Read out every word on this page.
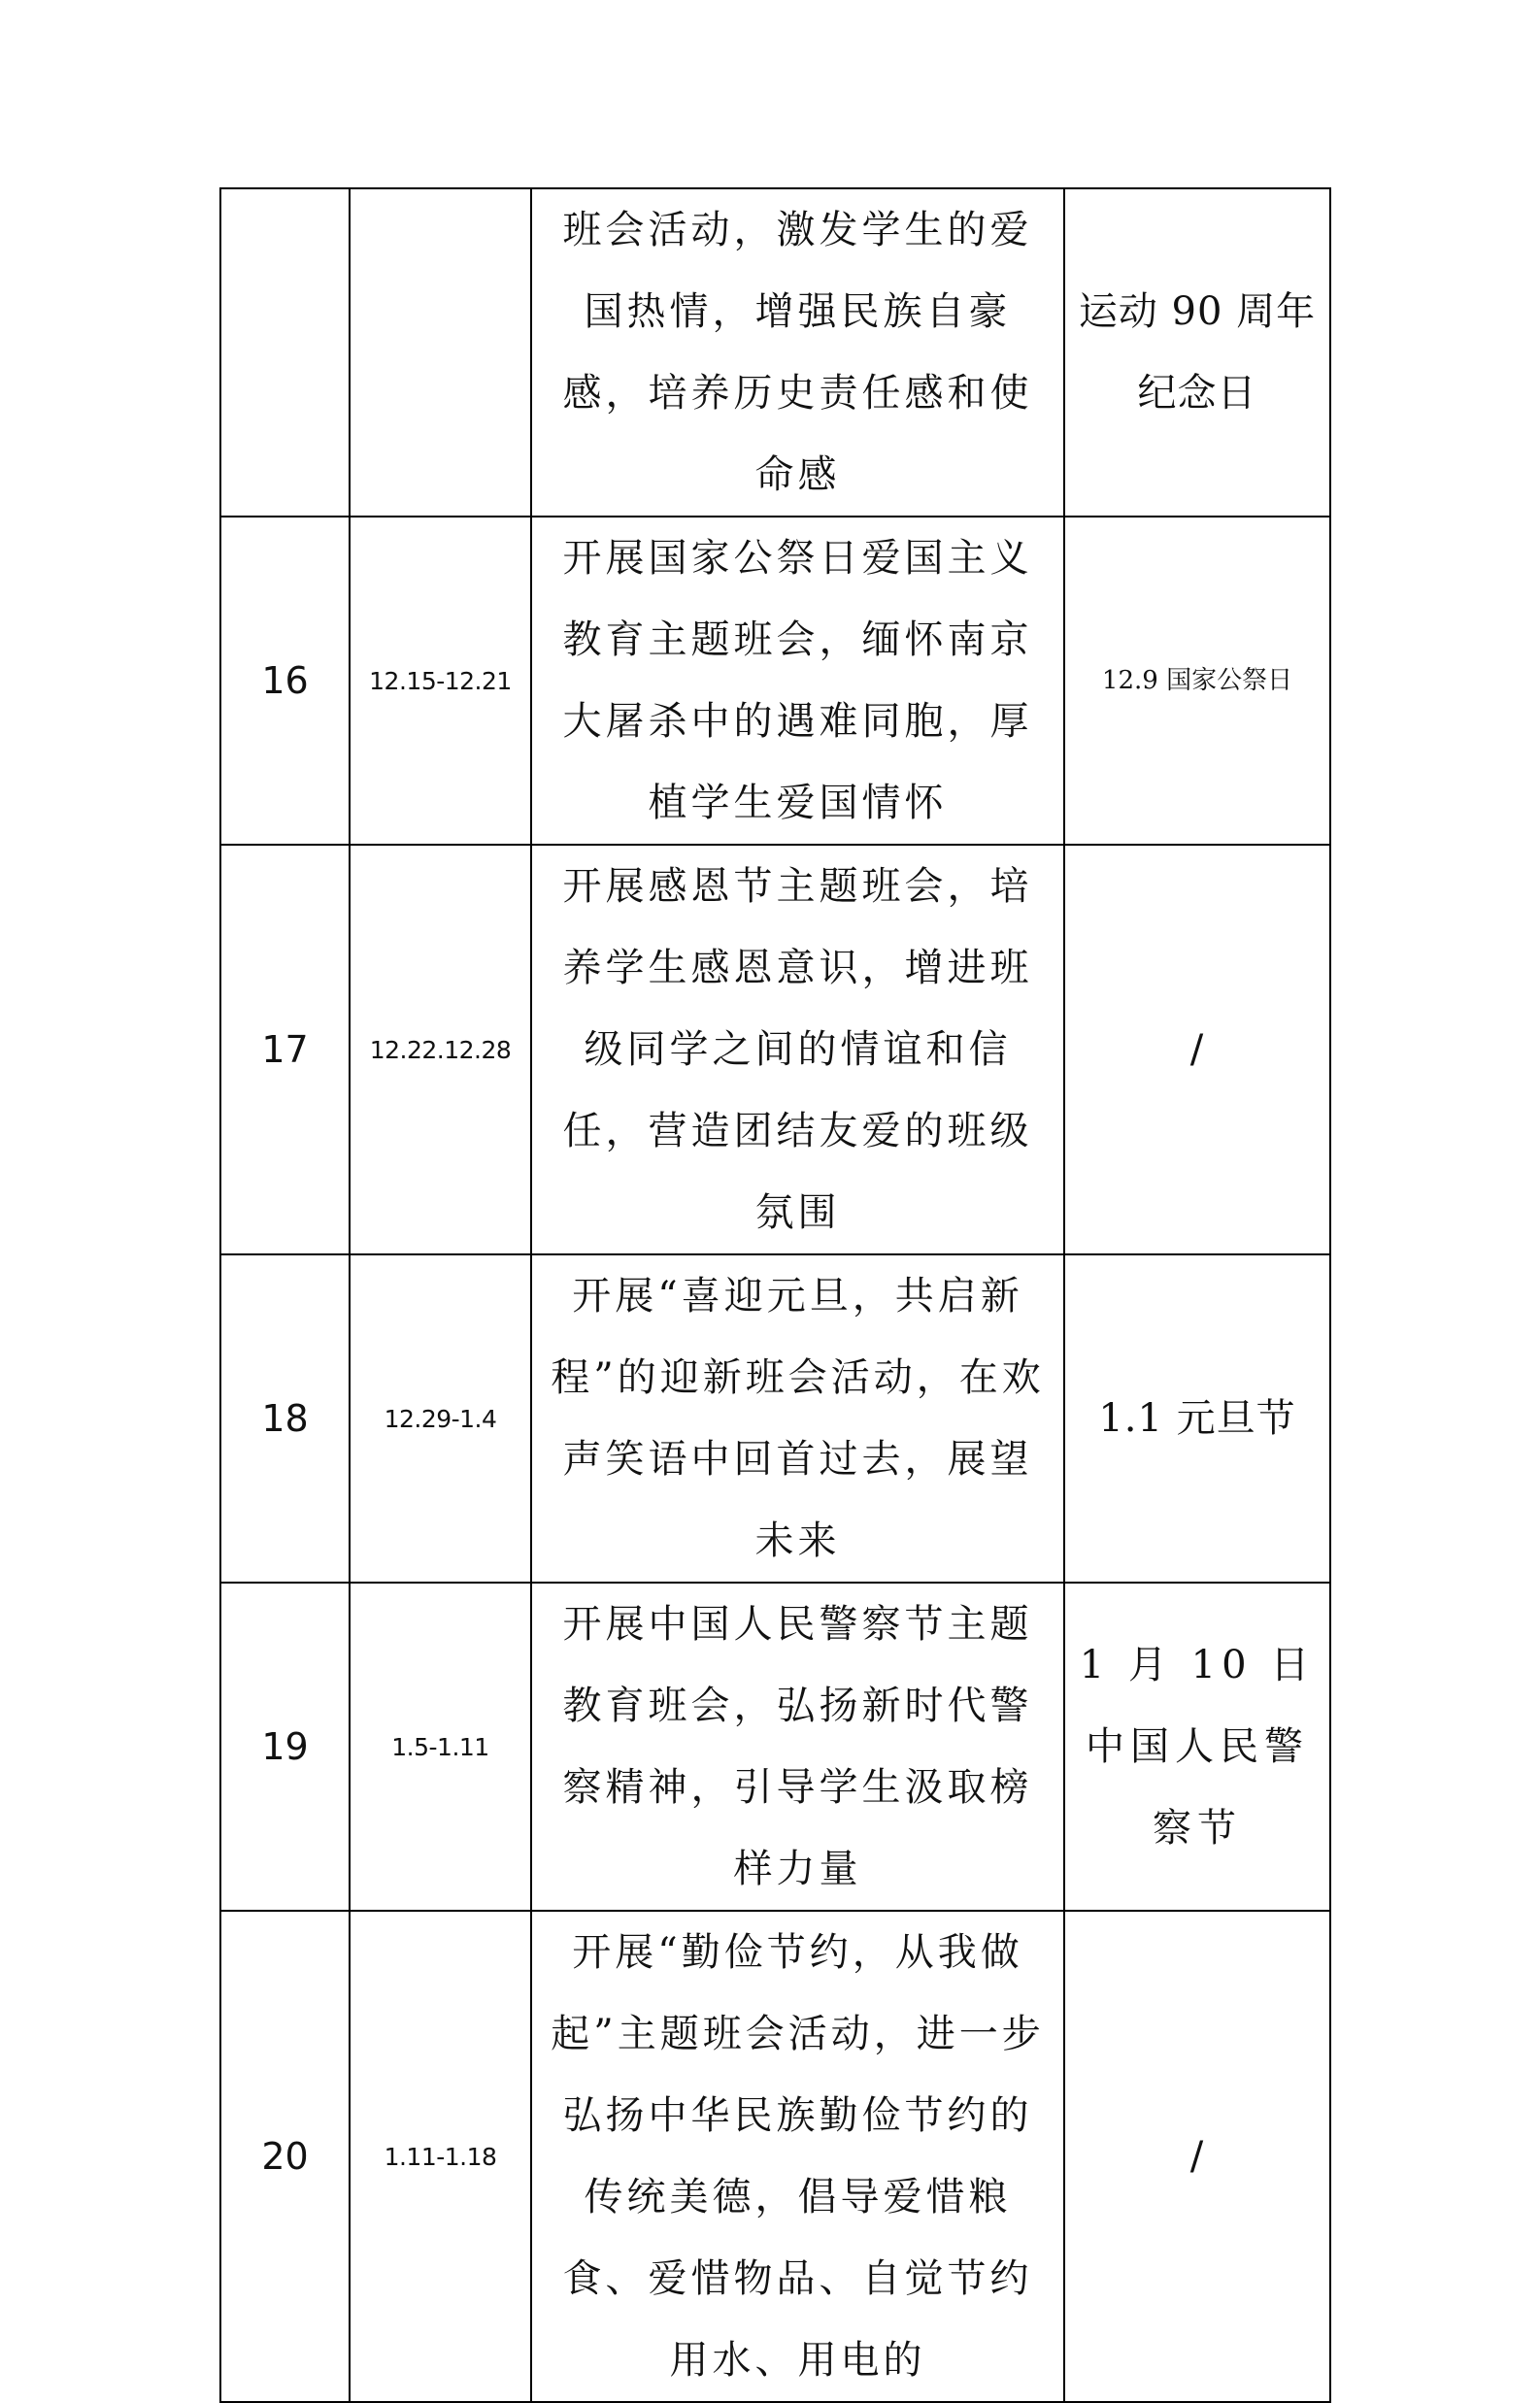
		班会活动，激发学生的爱国热情，增强民族自豪感，培养历史责任感和使命感	运动 90 周年纪念日
16	12.15-12.21	开展国家公祭日爱国主义教育主题班会，缅怀南京大屠杀中的遇难同胞，厚植学生爱国情怀	12.9 国家公祭日
17	12.22.12.28	开展感恩节主题班会，培养学生感恩意识，增进班级同学之间的情谊和信任，营造团结友爱的班级氛围	/
18	12.29-1.4	开展“喜迎元旦，共启新程”的迎新班会活动，在欢声笑语中回首过去，展望未来	1.1 元旦节
19	1.5-1.11	开展中国人民警察节主题教育班会，弘扬新时代警察精神，引导学生汲取榜样力量	1 月 10 日中国人民警察节
20	1.11-1.18	开展“勤俭节约，从我做起”主题班会活动，进一步弘扬中华民族勤俭节约的传统美德，倡导爱惜粮食、爱惜物品、自觉节约用水、用电的	/
